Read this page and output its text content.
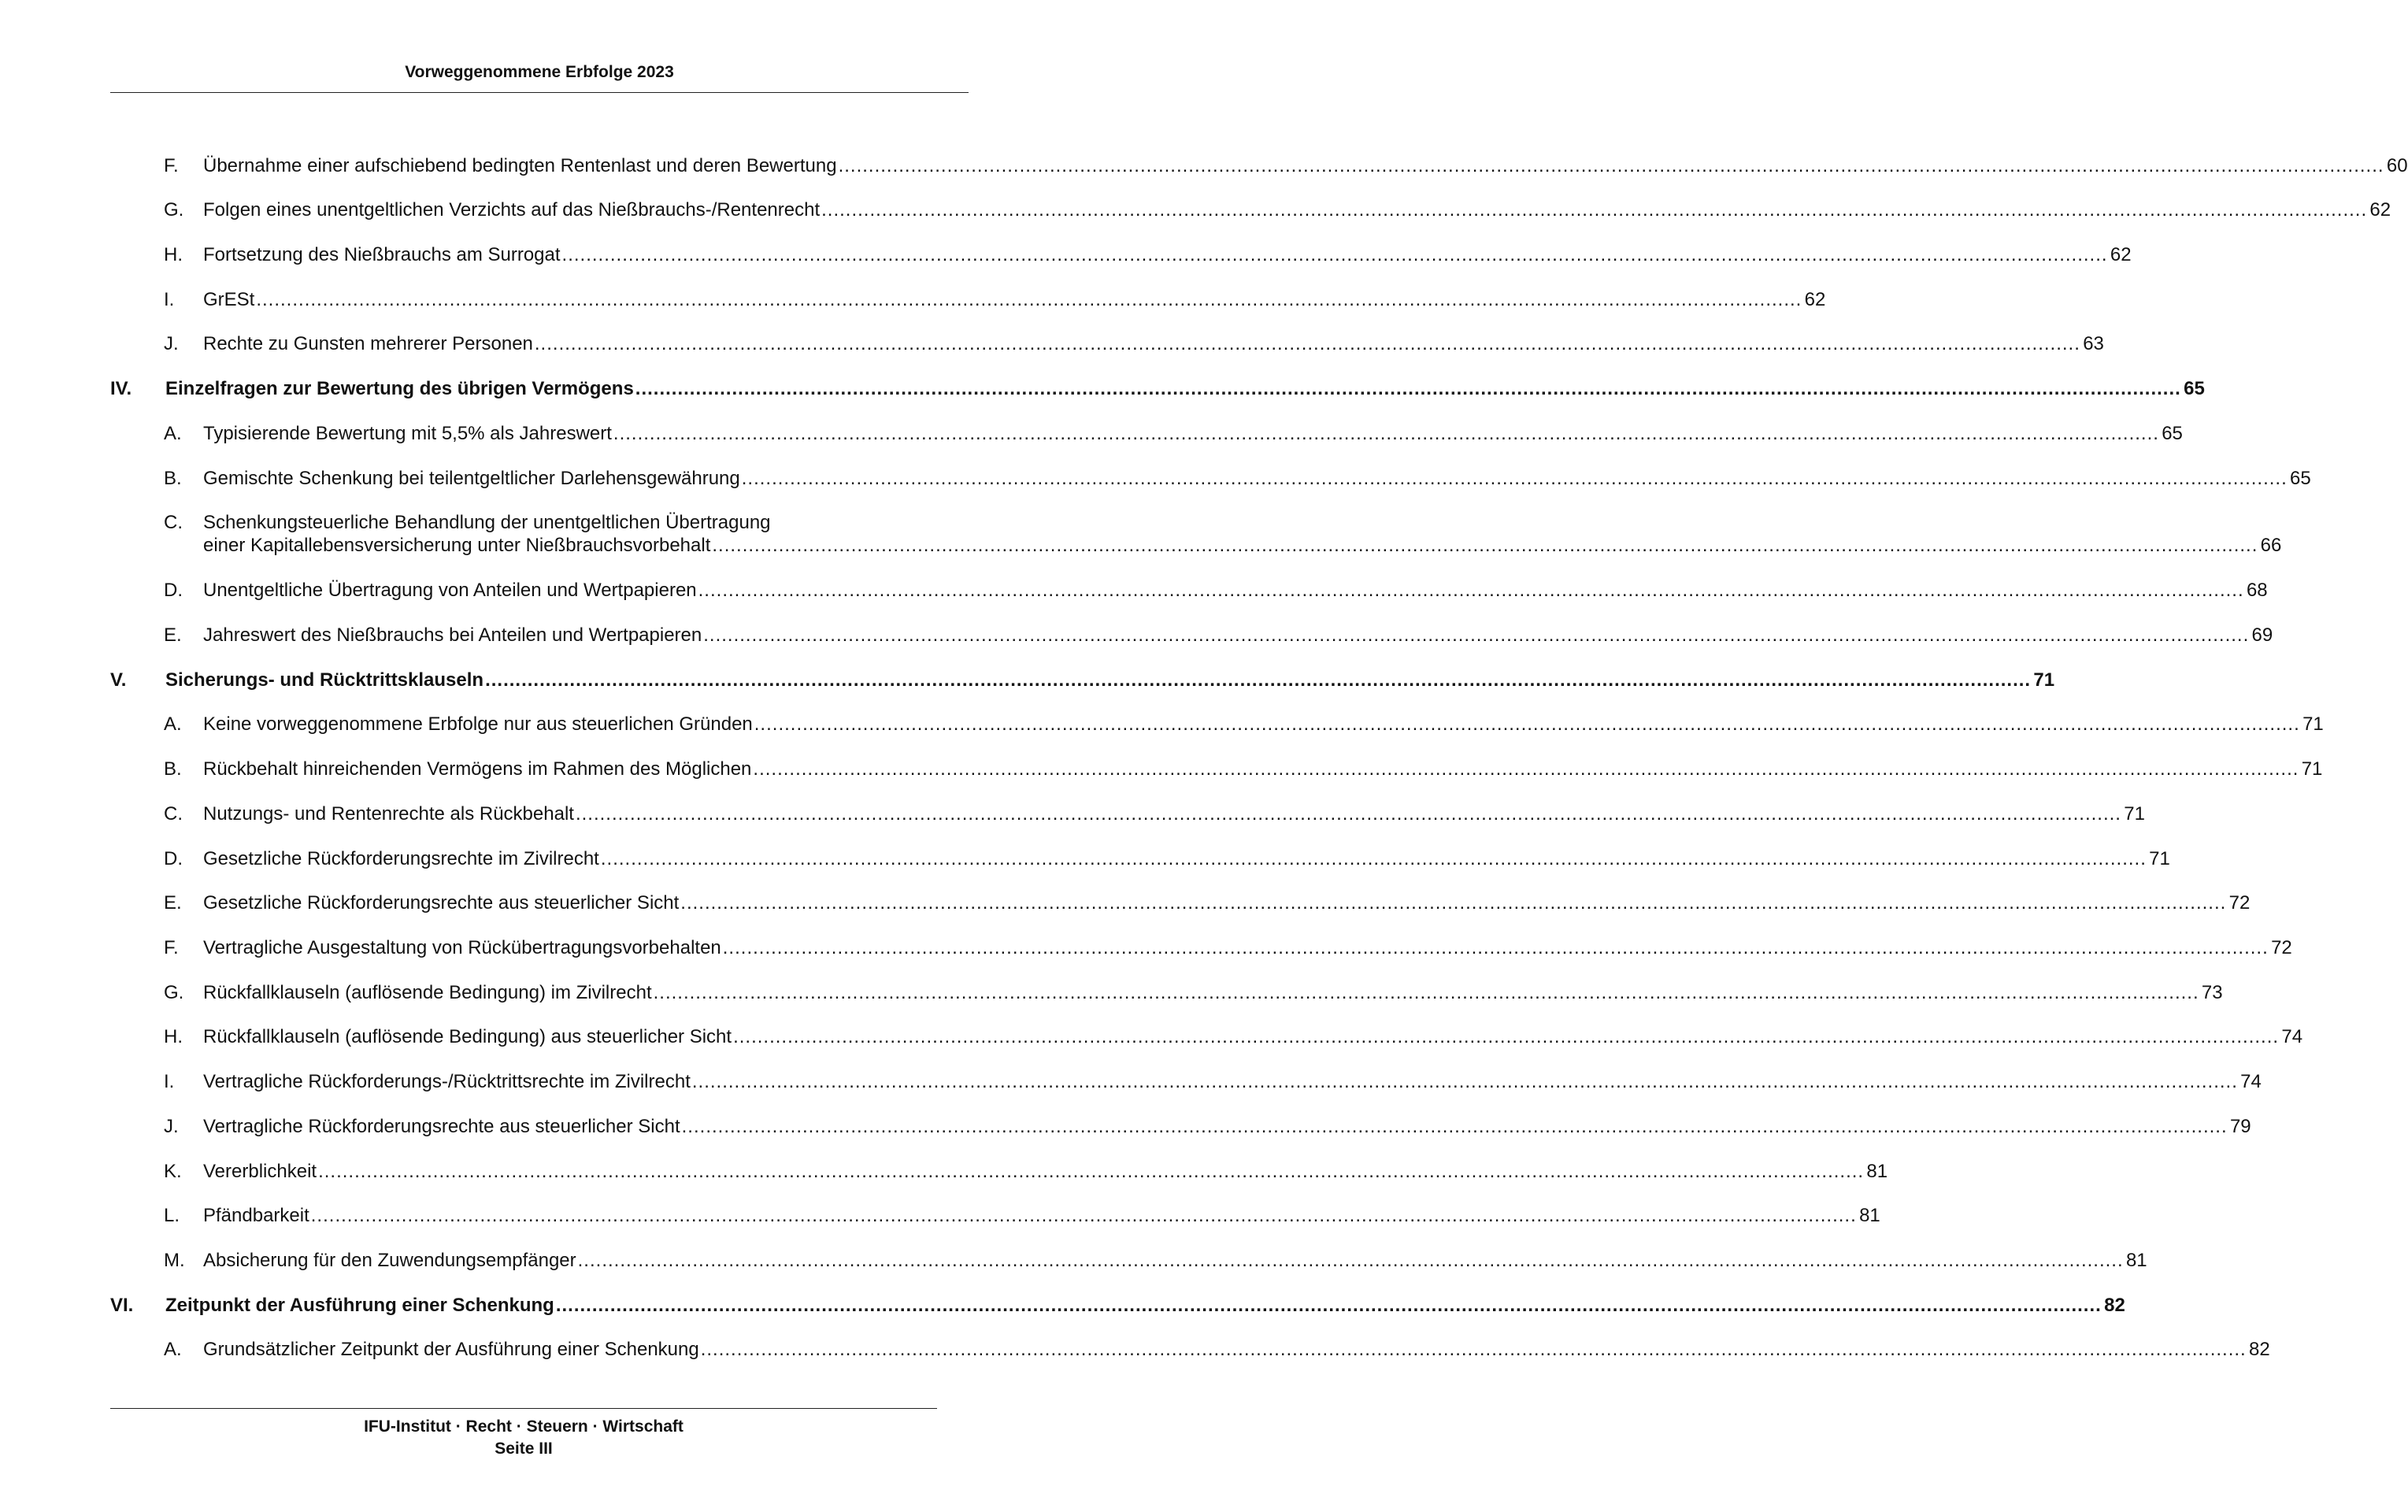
Vorweggenommene Erbfolge 2023
F.	Übernahme einer aufschiebend bedingten Rentenlast und deren Bewertung .....	60
G.	Folgen eines unentgeltlichen Verzichts auf das Nießbrauchs-/Rentenrecht .....	62
H.	Fortsetzung des Nießbrauchs am Surrogat .....	62
I.	GrESt .....	62
J.	Rechte zu Gunsten mehrerer Personen .....	63
IV.	Einzelfragen zur Bewertung des übrigen Vermögens .....	65
A.	Typisierende Bewertung mit 5,5% als Jahreswert .....	65
B.	Gemischte Schenkung bei teilentgeltlicher Darlehensgewährung .....	65
C.	Schenkungsteuerliche Behandlung der unentgeltlichen Übertragung
einer Kapitallebensversicherung unter Nießbrauchsvorbehalt .....	66
D.	Unentgeltliche Übertragung von Anteilen und Wertpapieren .....	68
E.	Jahreswert des Nießbrauchs bei Anteilen und Wertpapieren .....	69
V.	Sicherungs- und Rücktrittsklauseln .....	71
A.	Keine vorweggenommene Erbfolge nur aus steuerlichen Gründen .....	71
B.	Rückbehalt hinreichenden Vermögens im Rahmen des Möglichen .....	71
C.	Nutzungs- und Rentenrechte als Rückbehalt .....	71
D.	Gesetzliche Rückforderungsrechte im Zivilrecht .....	71
E.	Gesetzliche Rückforderungsrechte aus steuerlicher Sicht .....	72
F.	Vertragliche Ausgestaltung von Rückübertragungsvorbehalten .....	72
G.	Rückfallklauseln (auflösende Bedingung) im Zivilrecht .....	73
H.	Rückfallklauseln (auflösende Bedingung) aus steuerlicher Sicht .....	74
I.	Vertragliche Rückforderungs-/Rücktrittsrechte im Zivilrecht .....	74
J.	Vertragliche Rückforderungsrechte aus steuerlicher Sicht .....	79
K.	Vererblichkeit .....	81
L.	Pfändbarkeit .....	81
M. Absicherung für den Zuwendungsempfänger .....	81
VI.	Zeitpunkt der Ausführung einer Schenkung .....	82
A.	Grundsätzlicher Zeitpunkt der Ausführung einer Schenkung .....	82
IFU-Institut · Recht · Steuern · Wirtschaft
Seite III
